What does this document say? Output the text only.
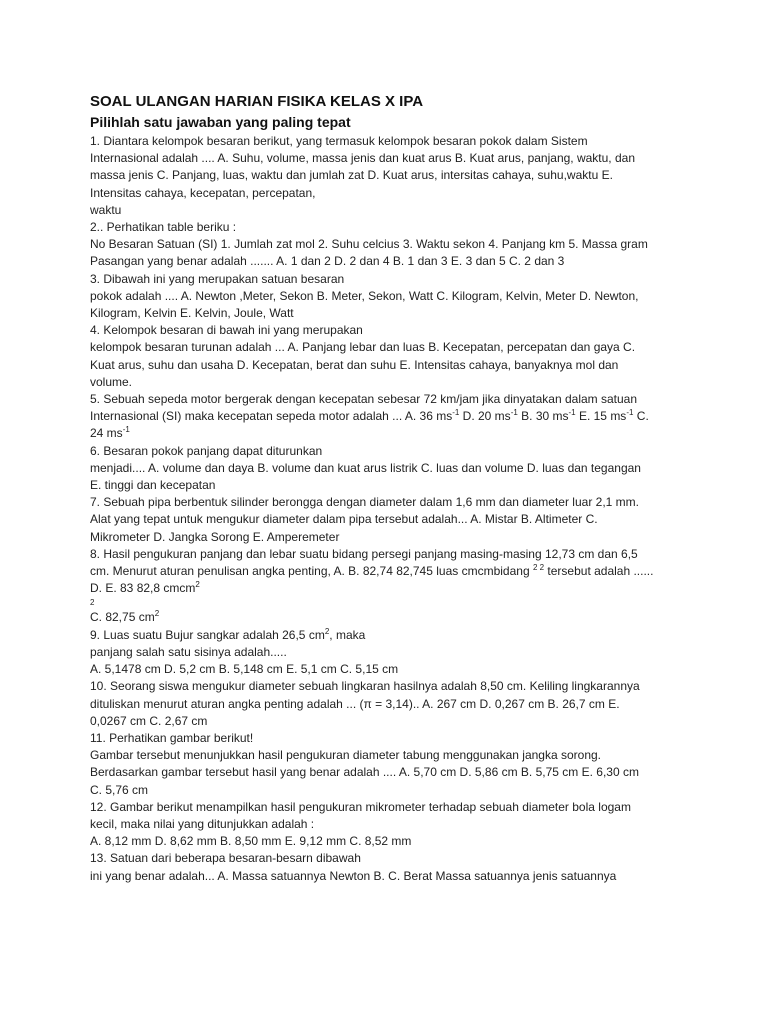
SOAL ULANGAN HARIAN FISIKA KELAS X IPA
Pilihlah satu jawaban yang paling tepat

1. Diantara kelompok besaran berikut, yang termasuk kelompok besaran pokok dalam Sistem

Internasional adalah .... A. Suhu, volume, massa jenis dan kuat arus B. Kuat arus, panjang, waktu, dan

massa jenis C. Panjang, luas, waktu dan jumlah zat D. Kuat arus, intersitas cahaya, suhu,waktu E.

Intensitas cahaya, kecepatan, percepatan,

waktu

2.. Perhatikan table beriku :

No Besaran Satuan (SI) 1. Jumlah zat mol 2. Suhu celcius 3. Waktu sekon 4. Panjang km 5. Massa gram

Pasangan yang benar adalah ....... A. 1 dan 2 D. 2 dan 4 B. 1 dan 3 E. 3 dan 5 C. 2 dan 3

3. Dibawah ini yang merupakan satuan besaran

pokok adalah .... A. Newton ,Meter, Sekon B. Meter, Sekon, Watt C. Kilogram, Kelvin, Meter D. Newton,

Kilogram, Kelvin E. Kelvin, Joule, Watt

4. Kelompok besaran di bawah ini yang merupakan

kelompok besaran turunan adalah ... A. Panjang lebar dan luas B. Kecepatan, percepatan dan gaya C.

Kuat arus, suhu dan usaha D. Kecepatan, berat dan suhu E. Intensitas cahaya, banyaknya mol dan

volume.

5. Sebuah sepeda motor bergerak dengan kecepatan sebesar 72 km/jam jika dinyatakan dalam satuan

Internasional (SI) maka kecepatan sepeda motor adalah ... A. 36 $ms^{-1}$ D. 20 $ms^{-1}$ B. 30 $ms^{-1}$ E. 15 $ms^{-1}$ C.

24 $ms^{-1}$

6. Besaran pokok panjang dapat diturunkan

menjadi.... A. volume dan daya B. volume dan kuat arus listrik C. luas dan volume D. luas dan tegangan

E. tinggi dan kecepatan

7. Sebuah pipa berbentuk silinder berongga dengan diameter dalam 1,6 mm dan diameter luar 2,1 mm.

Alat yang tepat untuk mengukur diameter dalam pipa tersebut adalah... A. Mistar B. Altimeter C.

Mikrometer D. Jangka Sorong E. Amperemeter

8. Hasil pengukuran panjang dan lebar suatu bidang persegi panjang masing-masing 12,73 cm dan 6,5

cm. Menurut aturan penulisan angka penting, A. B. 82,74 82,745 luas cmcmbidang $^{2 2}$ tersebut adalah ......

D. E. 83 82,8 cmcm$^2$

2

C. 82,75 $cm^2$

9. Luas suatu Bujur sangkar adalah 26,5 $cm^2$, maka

panjang salah satu sisinya adalah.....

A. 5,1478 cm D. 5,2 cm B. 5,148 cm E. 5,1 cm C. 5,15 cm

10. Seorang siswa mengukur diameter sebuah lingkaran hasilnya adalah 8,50 cm. Keliling lingkarannya

dituliskan menurut aturan angka penting adalah ... (π = 3,14).. A. 267 cm D. 0,267 cm B. 26,7 cm E.

0,0267 cm C. 2,67 cm

11. Perhatikan gambar berikut!

Gambar tersebut menunjukkan hasil pengukuran diameter tabung menggunakan jangka sorong.

Berdasarkan gambar tersebut hasil yang benar adalah .... A. 5,70 cm D. 5,86 cm B. 5,75 cm E. 6,30 cm

C. 5,76 cm

12. Gambar berikut menampilkan hasil pengukuran mikrometer terhadap sebuah diameter bola logam

kecil, maka nilai yang ditunjukkan adalah :

A. 8,12 mm D. 8,62 mm B. 8,50 mm E. 9,12 mm C. 8,52 mm

13. Satuan dari beberapa besaran-besarn dibawah

ini yang benar adalah... A. Massa satuannya Newton B. C. Berat Massa satuannya jenis satuannya
